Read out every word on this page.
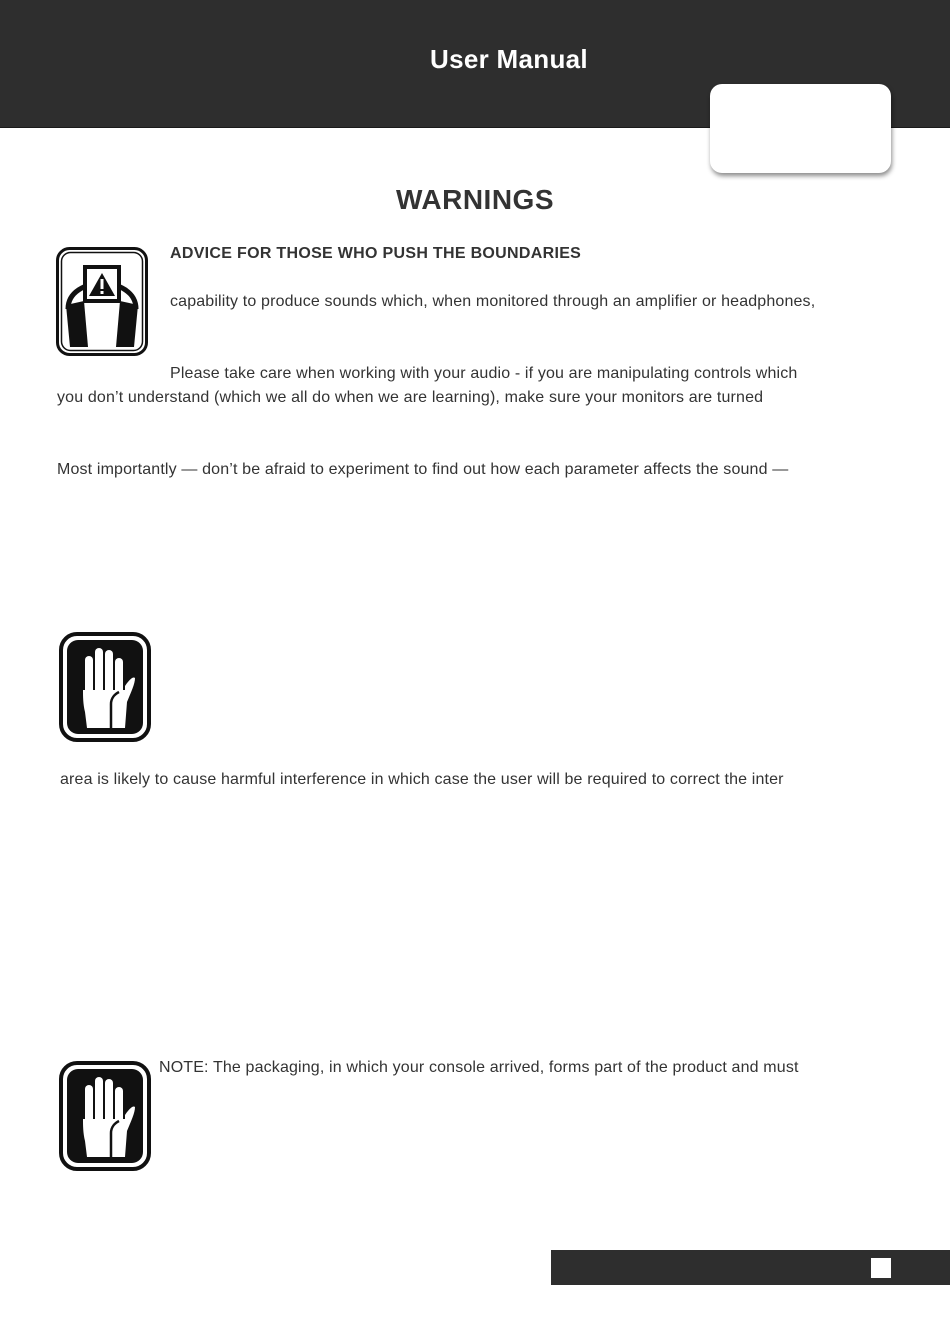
User Manual
WARNINGS
ADVICE FOR THOSE WHO PUSH THE BOUNDARIES
capability to produce sounds which, when monitored through an amplifier or headphones,
Please take care when working with your audio - if you are manipulating controls which
you don’t understand (which we all do when we are learning), make sure your monitors are turned
Most importantly — don’t be afraid to experiment to find out how each parameter affects the sound —
area is likely to cause harmful interference in which case the user will be required to correct the inter
NOTE: The packaging, in which your console arrived, forms part of the product and must
